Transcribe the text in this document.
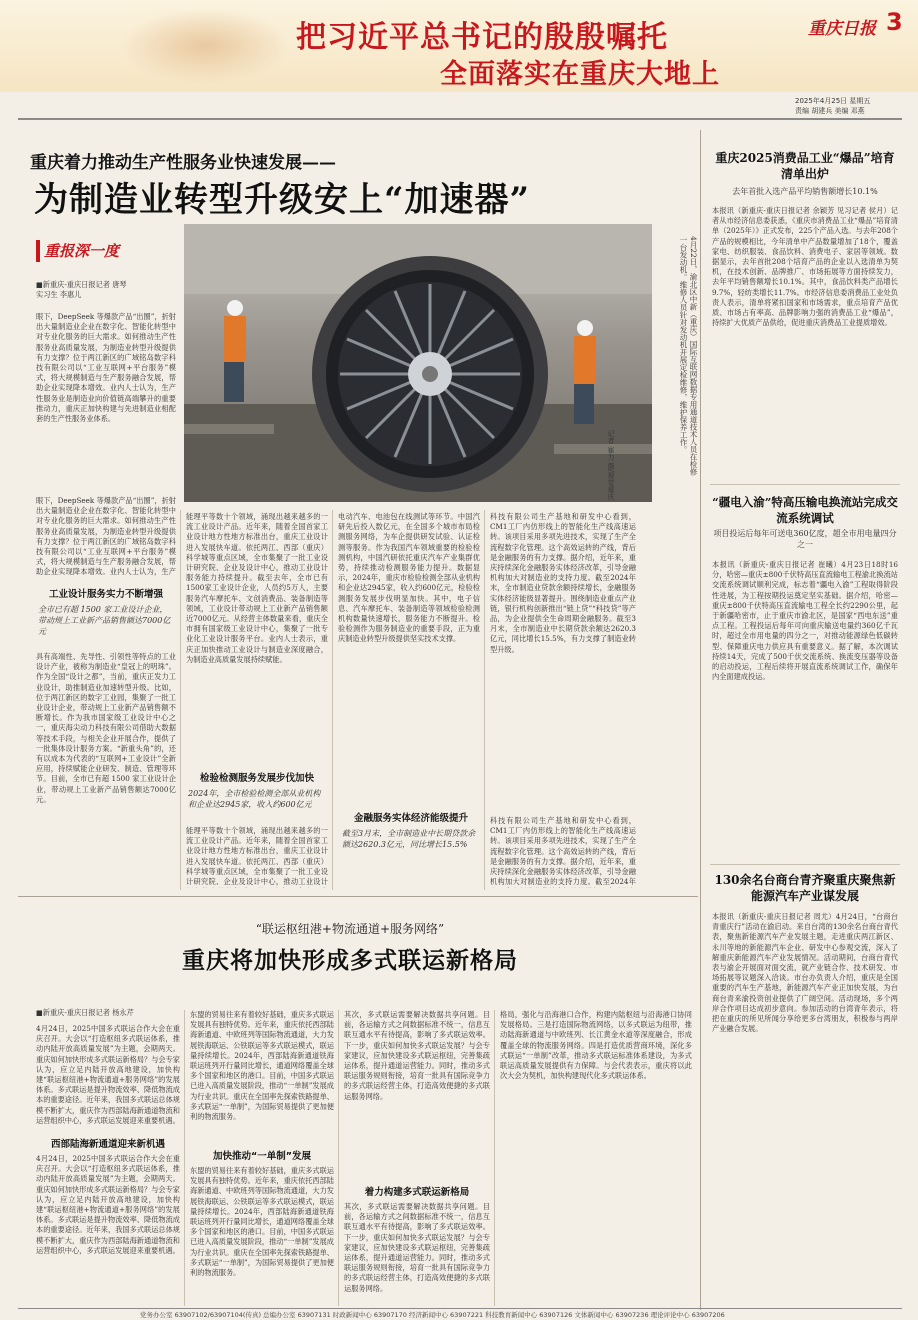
把习近平总书记的殷殷嘱托
全面落实在重庆大地上
重庆日报 3
2025年4月25日 星期五
责编 胡建兵 美编 邓燕
重庆着力推动生产性服务业快速发展——
为制造业转型升级安上“加速器”
重报深一度
■新重庆-重庆日报记者 唐琴
实习生 李惠儿	4月22日，渝北区中新（重庆）国际互联网数据专用通道技术人员在检修一台发动机。维修人员针对发动机开展定检维修，维护保养工作。
记者 崔力 摄/视觉重庆
眼下，DeepSeek 等爆款产品“出圈”，折射出大量制造业企业在数字化、智能化转型中对专业化服务的巨大需求。如何推动生产性服务业高质量发展，为制造业转型升级提供有力支撑？位于两江新区的广域铭岛数字科技有限公司以“工业互联网+平台服务”模式，将大规模制造与生产服务融合发展，帮助企业实现降本增效。业内人士认为，生产性服务业是制造业向价值链高端攀升的重要推动力，重庆正加快构建与先进制造业相配套的生产性服务业体系。
眼下，DeepSeek 等爆款产品“出圈”，折射出大量制造业企业在数字化、智能化转型中对专业化服务的巨大需求。如何推动生产性服务业高质量发展，为制造业转型升级提供有力支撑？位于两江新区的广域铭岛数字科技有限公司以“工业互联网+平台服务”模式，将大规模制造与生产服务融合发展，帮助企业实现降本增效。业内人士认为，生产
工业设计服务实力不断增强
全市已有超 1500 家工业设计企业，带动规上工业新产品销售额达7000亿元
具有高端性、先导性、引领性等特点的工业设计产业，被称为制造业“皇冠上的明珠”。作为全国“设计之都”，当前，重庆正发力工业设计，助推制造业加速转型升级。比如，位于两江新区的数字工业园，集聚了一批工业设计企业，带动规上工业新产品销售额不断增长。作为我市国家级工业设计中心之一，重庆海尖动力科技有限公司借助大数据等技术手段，与相关企业开展合作，提供了一批集体设计服务方案。“新重头角”的，还有以成本为代表的“互联网+工业设计”全新应用，持续赋能企业研发、制造、管理等环节。目前，全市已有超 1500 家工业设计企业，带动规上工业新产品销售额达7000亿元。
能理平等数十个领域，涌现出越来越多的一流工业设计产品。近年来，随着全国首家工业设计地方性地方标准出台，重庆工业设计进入发展快车道。依托两江、西部（重庆）科学城等重点区域，全市集聚了一批工业设计研究院、企业及设计中心，推动工业设计服务能力持续提升。截至去年，全市已有1500家工业设计企业，人员约5万人，主要服务汽车摩托车、文创消费品、装备制造等领域，工业设计带动规上工业新产品销售额近7000亿元。从经营主体数量来看，重庆全市拥有国家级工业设计中心，集聚了一批专业化工业设计服务平台。业内人士表示，重庆正加快推动工业设计与制造业深度融合，为制造业高质量发展持续赋能。
检验检测服务发展步伐加快
2024年，全市检验检测全部从业机构和企业达2945家，收入约600亿元
能理平等数十个领域，涌现出越来越多的一流工业设计产品。近年来，随着全国首家工业设计地方性地方标准出台，重庆工业设计进入发展快车道。依托两江、西部（重庆）科学城等重点区域，全市集聚了一批工业设计研究院、企业及设计中心，推动工业设计
电动汽车、电池包在线测试等环节。中国汽研先后投入数亿元，在全国多个城市布局检测服务网络，为车企提供研发试验、认证检测等服务。作为我国汽车领域重要的检验检测机构，中国汽研依托重庆汽车产业集群优势，持续推动检测服务能力提升。数据显示，2024年，重庆市检验检测全部从业机构和企业达2945家，收入约600亿元，检验检测服务发展步伐明显加快。其中，电子信息、汽车摩托车、装备制造等领域检验检测机构数量快速增长，服务能力不断提升。检验检测作为服务制造业的重要手段，正为重庆制造业转型升级提供坚实技术支撑。
科技有限公司生产基地和研发中心看到，CM1工厂内仿形线上的智能化生产线高速运转。该项目采用多项先进技术，实现了生产全流程数字化管理。这个高效运转的产线，背后是金融服务的有力支撑。据介绍，近年来，重庆持续深化金融服务实体经济改革，引导金融机构加大对制造业的支持力度。截至2024年末，全市制造业贷款余额持续增长，金融服务实体经济能级显著提升。围绕制造业重点产业链，银行机构创新推出“链上贷”“科技贷”等产品，为企业提供全生命周期金融服务。截至3月末，全市制造业中长期贷款余额达2620.3亿元，同比增长15.5%，有力支撑了制造业转型升级。
金融服务实体经济能级提升
截至3月末，全市制造业中长期贷款余额达2620.3亿元，同比增长15.5%
科技有限公司生产基地和研发中心看到，CM1工厂内仿形线上的智能化生产线高速运转。该项目采用多项先进技术，实现了生产全流程数字化管理。这个高效运转的产线，背后是金融服务的有力支撑。据介绍，近年来，重庆持续深化金融服务实体经济改革，引导金融机构加大对制造业的支持力度。截至2024年
重庆2025消费品工业“爆品”培育清单出炉
去年首批入选产品平均销售额增长10.1%
本报讯（新重庆-重庆日报记者 余颖芳 见习记者 侯月）记者从市经济信息委获悉，《重庆市消费品工业“爆品”培育清单（2025年）》正式发布，225个产品入选。与去年208个产品的规模相比，今年清单中产品数量增加了18个，覆盖家电、纺织服装、食品饮料、消费电子、家居等领域。数据显示，去年首批208个培育产品的企业以入选清单为契机，在技术创新、品牌推广、市场拓展等方面持续发力，去年平均销售额增长10.1%。其中，食品饮料类产品增长9.7%，轻纺类增长11.7%。市经济信息委消费品工业处负责人表示，清单将紧扣国家和市场需求，重点培育产品优质、市场占有率高、品牌影响力强的消费品工业“爆品”，持续扩大优质产品供给，促进重庆消费品工业提质增效。
“疆电入渝”特高压输电换流站完成交流系统调试
项目投运后每年可送电360亿度，超全市用电量四分之一
本报讯（新重庆-重庆日报记者 崔曦）4月23日18时16分，哈密—重庆±800千伏特高压直流输电工程渝北换流站交流系统调试顺利完成，标志着“疆电入渝”工程取得阶段性进展，为工程按期投运奠定坚实基础。据介绍，哈密—重庆±800千伏特高压直流输电工程全长约2290公里，起于新疆哈密市，止于重庆市渝北区，是国家“西电东送”重点工程。工程投运后每年可向重庆输送电量约360亿千瓦时，超过全市用电量的四分之一，对推动能源绿色低碳转型、保障重庆电力供应具有重要意义。据了解，本次调试持续14天，完成了500千伏交流系统、换流变压器等设备的启动投运，工程后续将开展直流系统调试工作，确保年内全面建成投运。
130余名台商台青齐聚重庆聚焦新能源汽车产业谋发展
本报讯（新重庆-重庆日报记者 周尤）4月24日，“台商台青重庆行”活动在渝启动。来自台湾的130余名台商台青代表，聚焦新能源汽车产业发展主题，走进重庆两江新区、永川等地的新能源汽车企业、研发中心参观交流，深入了解重庆新能源汽车产业发展情况。活动期间，台商台青代表与渝企开展面对面交流，就产业链合作、技术研发、市场拓展等议题深入洽谈。市台办负责人介绍，重庆是全国重要的汽车生产基地，新能源汽车产业正加快发展，为台商台青来渝投资创业提供了广阔空间。活动现场，多个两岸合作项目达成初步意向。参加活动的台湾青年表示，将把在重庆的所见所闻分享给更多台湾朋友，积极参与两岸产业融合发展。
“联运枢纽港+物流通道+服务网络”
重庆将加快形成多式联运新格局
■新重庆-重庆日报记者 杨永芹
4月24日，2025中国多式联运合作大会在重庆召开。大会以“打造枢纽多式联运体系，推动内陆开放高质量发展”为主题，会期两天。重庆如何加快形成多式联运新格局？与会专家认为，应立足内陆开放高地建设，加快构建“联运枢纽港+物流通道+服务网络”的发展体系。多式联运是提升物流效率、降低物流成本的重要途径。近年来，我国多式联运总体规模不断扩大，重庆作为西部陆海新通道物流和运营组织中心，多式联运发展迎来重要机遇。
西部陆海新通道迎来新机遇
4月24日，2025中国多式联运合作大会在重庆召开。大会以“打造枢纽多式联运体系，推动内陆开放高质量发展”为主题，会期两天。重庆如何加快形成多式联运新格局？与会专家认为，应立足内陆开放高地建设，加快构建“联运枢纽港+物流通道+服务网络”的发展体系。多式联运是提升物流效率、降低物流成本的重要途径。近年来，我国多式联运总体规模不断扩大，重庆作为西部陆海新通道物流和运营组织中心，多式联运发展迎来重要机遇。
东盟的贸易往来有着较好基础，重庆多式联运发展具有独特优势。近年来，重庆依托西部陆海新通道、中欧班列等国际物流通道，大力发展铁海联运、公铁联运等多式联运模式，联运量持续增长。2024年，西部陆海新通道铁海联运班列开行量同比增长，通道网络覆盖全球多个国家和地区的港口。目前，中国多式联运已进入高质量发展阶段，推动“一单制”发展成为行业共识。重庆在全国率先探索铁路提单、多式联运“一单制”，为国际贸易提供了更加便利的物流服务。
加快推动“一单制”发展
东盟的贸易往来有着较好基础，重庆多式联运发展具有独特优势。近年来，重庆依托西部陆海新通道、中欧班列等国际物流通道，大力发展铁海联运、公铁联运等多式联运模式，联运量持续增长。2024年，西部陆海新通道铁海联运班列开行量同比增长，通道网络覆盖全球多个国家和地区的港口。目前，中国多式联运已进入高质量发展阶段，推动“一单制”发展成为行业共识。重庆在全国率先探索铁路提单、多式联运“一单制”，为国际贸易提供了更加便利的物流服务。
其次，多式联运需要解决数据共享问题。目前，各运输方式之间数据标准不统一，信息互联互通水平有待提高，影响了多式联运效率。下一步，重庆如何加快多式联运发展？与会专家建议，应加快建设多式联运枢纽，完善集疏运体系，提升通道运营能力。同时，推动多式联运服务规则衔接，培育一批具有国际竞争力的多式联运经营主体，打造高效便捷的多式联运服务网络。
着力构建多式联运新格局
其次，多式联运需要解决数据共享问题。目前，各运输方式之间数据标准不统一，信息互联互通水平有待提高，影响了多式联运效率。下一步，重庆如何加快多式联运发展？与会专家建议，应加快建设多式联运枢纽，完善集疏运体系，提升通道运营能力。同时，推动多式联运服务规则衔接，培育一批具有国际竞争力的多式联运经营主体，打造高效便捷的多式联运服务网络。
格局，强化与沿海港口合作，构建内陆枢纽与沿海港口协同发展格局。三是打造国际物流网络，以多式联运为纽带，推动陆海新通道与中欧班列、长江黄金水道等深度融合，形成覆盖全球的物流服务网络。四是打造优质营商环境，深化多式联运“一单制”改革，推动多式联运标准体系建设，为多式联运高质量发展提供有力保障。与会代表表示，重庆将以此次大会为契机，加快构建现代化多式联运体系。
党务办公室 63907102/63907104(传真) 总编办公室 63907131 时政新闻中心 63907170 经济新闻中心 63907221 科技教育新闻中心 63907126 文体新闻中心 63907236 理论评论中心 63907206
